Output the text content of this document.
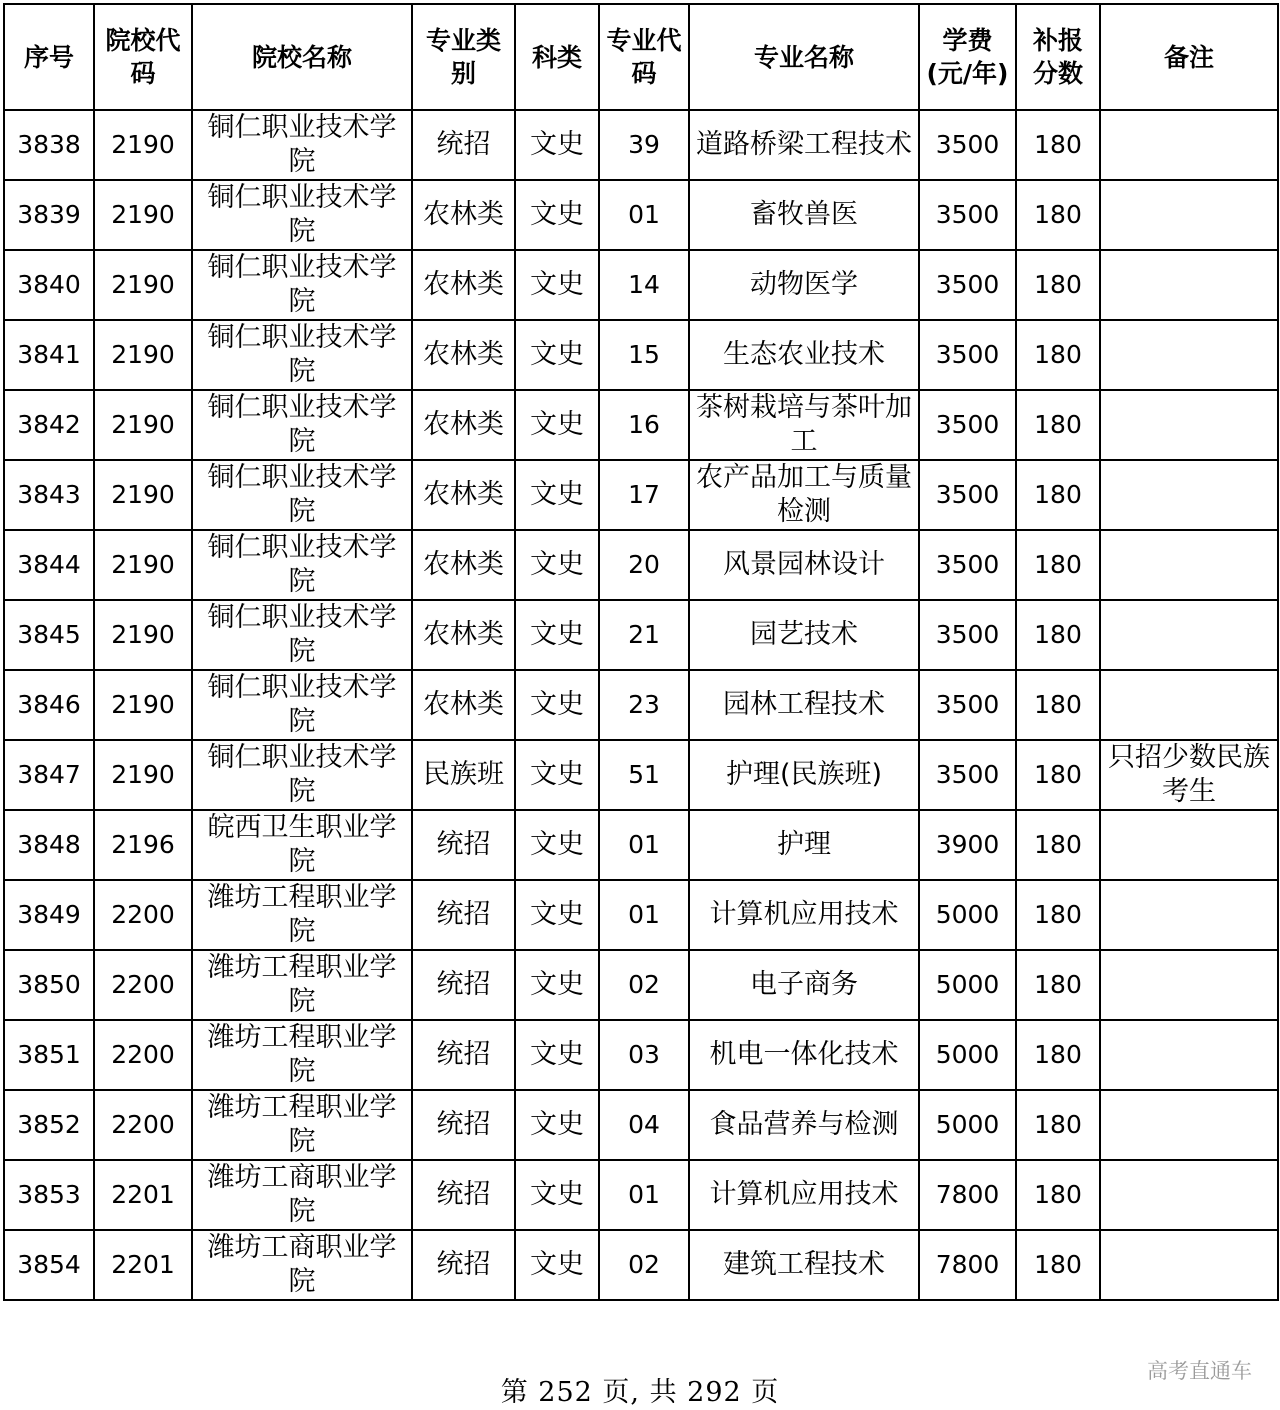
序号	院校代码	院校名称	专业类别	科类	专业代码	专业名称	学费(元/年)	补报分数	备注
3838	2190	铜仁职业技术学院	统招	文史	39	道路桥梁工程技术	3500	180	
3839	2190	铜仁职业技术学院	农林类	文史	01	畜牧兽医	3500	180	
3840	2190	铜仁职业技术学院	农林类	文史	14	动物医学	3500	180	
3841	2190	铜仁职业技术学院	农林类	文史	15	生态农业技术	3500	180	
3842	2190	铜仁职业技术学院	农林类	文史	16	茶树栽培与茶叶加工	3500	180	
3843	2190	铜仁职业技术学院	农林类	文史	17	农产品加工与质量检测	3500	180	
3844	2190	铜仁职业技术学院	农林类	文史	20	风景园林设计	3500	180	
3845	2190	铜仁职业技术学院	农林类	文史	21	园艺技术	3500	180	
3846	2190	铜仁职业技术学院	农林类	文史	23	园林工程技术	3500	180	
3847	2190	铜仁职业技术学院	民族班	文史	51	护理(民族班)	3500	180	只招少数民族考生
3848	2196	皖西卫生职业学院	统招	文史	01	护理	3900	180	
3849	2200	潍坊工程职业学院	统招	文史	01	计算机应用技术	5000	180	
3850	2200	潍坊工程职业学院	统招	文史	02	电子商务	5000	180	
3851	2200	潍坊工程职业学院	统招	文史	03	机电一体化技术	5000	180	
3852	2200	潍坊工程职业学院	统招	文史	04	食品营养与检测	5000	180	
3853	2201	潍坊工商职业学院	统招	文史	01	计算机应用技术	7800	180	
3854	2201	潍坊工商职业学院	统招	文史	02	建筑工程技术	7800	180	
第 252 页, 共 292 页
高考直通车
